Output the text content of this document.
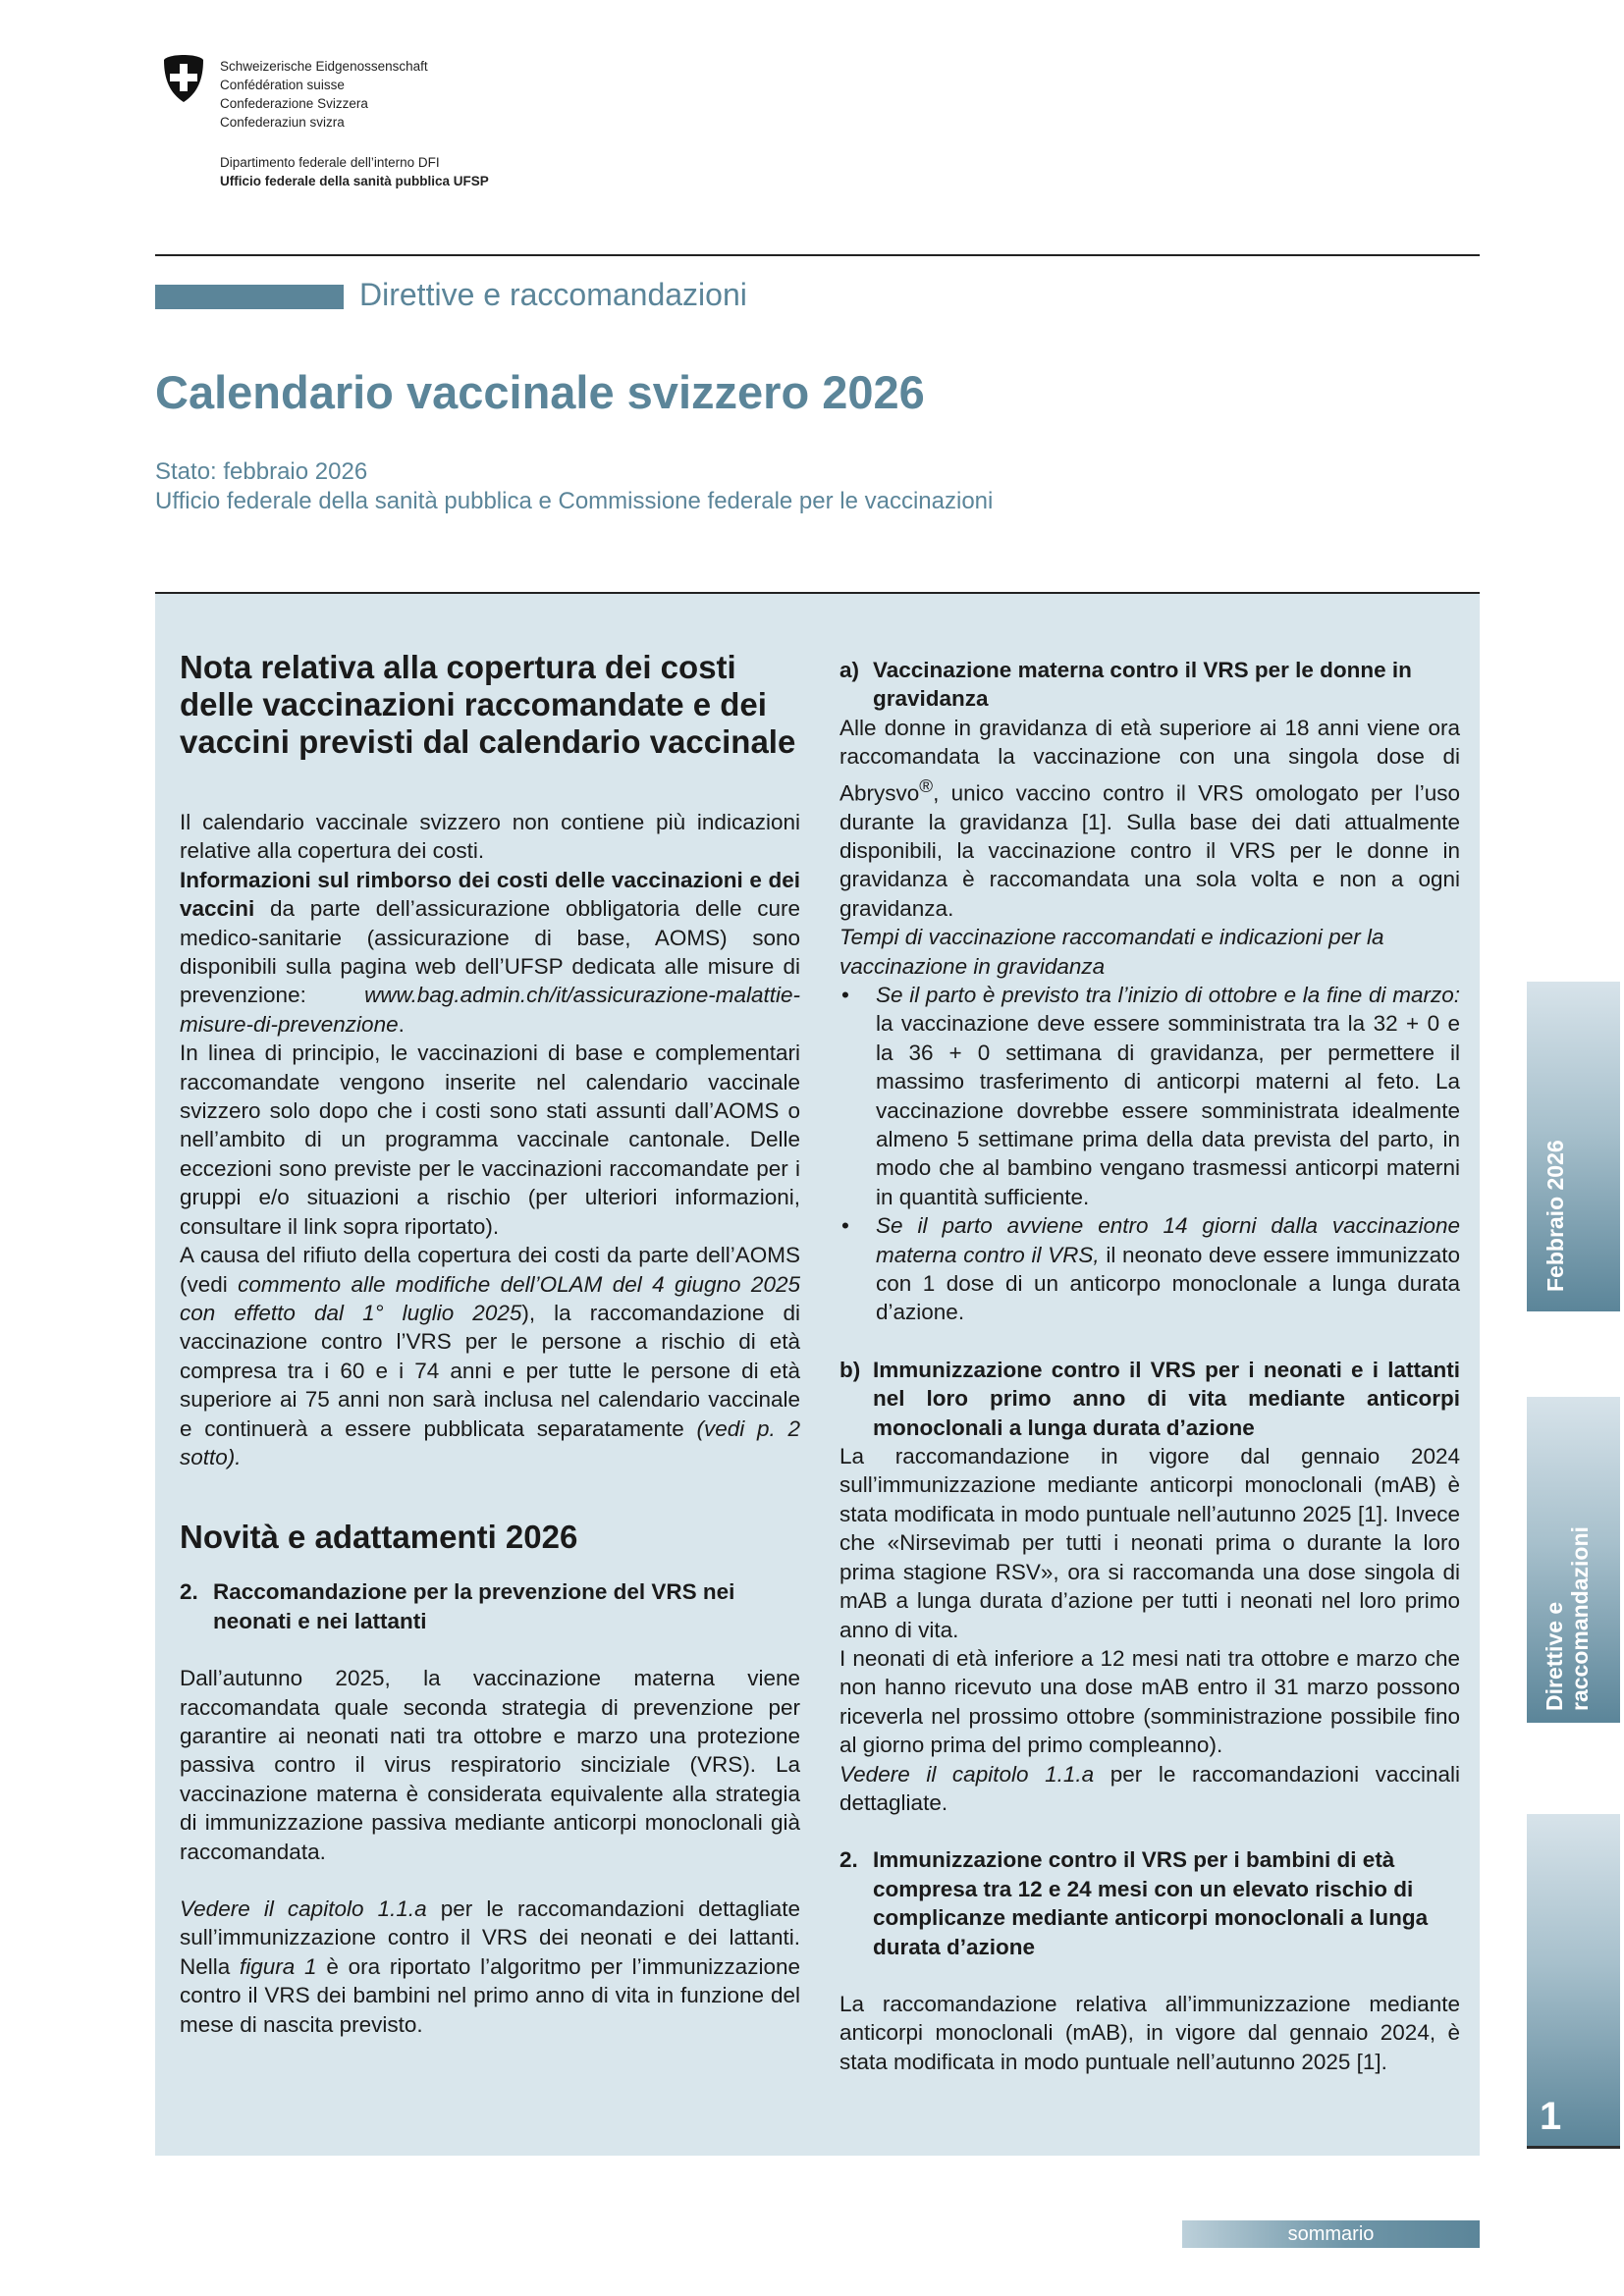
Schweizerische Eidgenossenschaft
Confédération suisse
Confederazione Svizzera
Confederaziun svizra
Dipartimento federale dell’interno DFI
Ufficio federale della sanità pubblica UFSP
Direttive e raccomandazioni
Calendario vaccinale svizzero 2026
Stato: febbraio 2026
Ufficio federale della sanità pubblica e Commissione federale per le vaccinazioni
Nota relativa alla copertura dei costi delle vaccinazioni raccomandate e dei vaccini previsti dal calendario vaccinale

Il calendario vaccinale svizzero non contiene più indicazioni relative alla copertura dei costi.

Informazioni sul rimborso dei costi delle vaccinazioni e dei vaccini da parte dell’assicurazione obbligatoria delle cure medico-sanitarie (assicurazione di base, AOMS) sono disponibili sulla pagina web dell’UFSP dedicata alle misure di prevenzione: www.bag.admin.ch/it/assicurazione-malattie-misure-di-prevenzione.

In linea di principio, le vaccinazioni di base e complementari raccomandate vengono inserite nel calendario vaccinale svizzero solo dopo che i costi sono stati assunti dall’AOMS o nell’ambito di un programma vaccinale cantonale. Delle eccezioni sono previste per le vaccinazioni raccomandate per i gruppi e/o situazioni a rischio (per ulteriori informazioni, consultare il link sopra riportato).

A causa del rifiuto della copertura dei costi da parte dell’AOMS (vedi commento alle modifiche dell’OLAM del 4 giugno 2025 con effetto dal 1° luglio 2025), la raccomandazione di vaccinazione contro l’VRS per le persone a rischio di età compresa tra i 60 e i 74 anni e per tutte le persone di età superiore ai 75 anni non sarà inclusa nel calendario vaccinale e continuerà a essere pubblicata separatamente (vedi p. 2 sotto).

Novità e adattamenti 2026
2. Raccomandazione per la prevenzione del VRS nei neonati e nei lattanti

Dall’autunno 2025, la vaccinazione materna viene raccomandata quale seconda strategia di prevenzione per garantire ai neonati nati tra ottobre e marzo una protezione passiva contro il virus respiratorio sinciziale (VRS). La vaccinazione materna è considerata equivalente alla strategia di immunizzazione passiva mediante anticorpi monoclonali già raccomandata.

Vedere il capitolo 1.1.a per le raccomandazioni dettagliate sull’immunizzazione contro il VRS dei neonati e dei lattanti. Nella figura 1 è ora riportato l’algoritmo per l’immunizzazione contro il VRS dei bambini nel primo anno di vita in funzione del mese di nascita previsto.

a) Vaccinazione materna contro il VRS per le donne in gravidanza

Alle donne in gravidanza di età superiore ai 18 anni viene ora raccomandata la vaccinazione con una singola dose di Abrysvo®, unico vaccino contro il VRS omologato per l’uso durante la gravidanza [1]. Sulla base dei dati attualmente disponibili, la vaccinazione contro il VRS per le donne in gravidanza è raccomandata una sola volta e non a ogni gravidanza.

Tempi di vaccinazione raccomandati e indicazioni per la vaccinazione in gravidanza

•	Se il parto è previsto tra l’inizio di ottobre e la fine di marzo: la vaccinazione deve essere somministrata tra la 32 + 0 e la 36 + 0 settimana di gravidanza, per permettere il massimo trasferimento di anticorpi materni al feto. La vaccinazione dovrebbe essere somministrata idealmente almeno 5 settimane prima della data prevista del parto, in modo che al bambino vengano trasmessi anticorpi materni in quantità sufficiente.
•	Se il parto avviene entro 14 giorni dalla vaccinazione materna contro il VRS, il neonato deve essere immunizzato con 1 dose di un anticorpo monoclonale a lunga durata d’azione.
b) Immunizzazione contro il VRS per i neonati e i lattanti nel loro primo anno di vita mediante anticorpi monoclonali a lunga durata d’azione

La raccomandazione in vigore dal gennaio 2024 sull’immunizzazione mediante anticorpi monoclonali (mAB) è stata modificata in modo puntuale nell’autunno 2025 [1]. Invece che «Nirsevimab per tutti i neonati prima o durante la loro prima stagione RSV», ora si raccomanda una dose singola di mAB a lunga durata d’azione per tutti i neonati nel loro primo anno di vita.

I neonati di età inferiore a 12 mesi nati tra ottobre e marzo che non hanno ricevuto una dose mAB entro il 31 marzo possono riceverla nel prossimo ottobre (somministrazione possibile fino al giorno prima del primo compleanno).

Vedere il capitolo 1.1.a per le raccomandazioni vaccinali dettagliate.

2. Immunizzazione contro il VRS per i bambini di età compresa tra 12 e 24 mesi con un elevato rischio di complicanze mediante anticorpi monoclonali a lunga durata d’azione

La raccomandazione relativa all’immunizzazione mediante anticorpi monoclonali (mAB), in vigore dal gennaio 2024, è stata modificata in modo puntuale nell’autunno 2025 [1].

Febbraio 2026
Direttive e raccomandazioni
1
sommario
